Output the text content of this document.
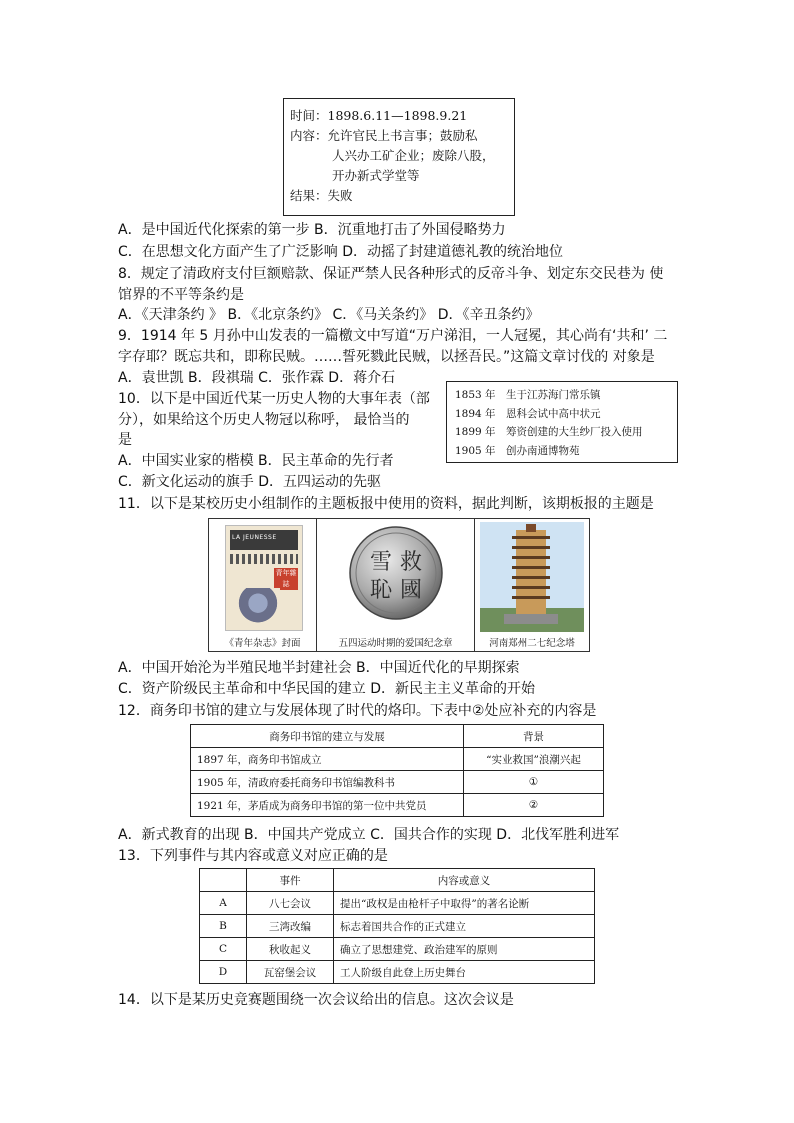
时间：1898.6.11—1898.9.21
内容：允许官民上书言事；鼓励私
人兴办工矿企业；废除八股，
开办新式学堂等
结果：失败
A．是中国近代化探索的第一步 B．沉重地打击了外国侵略势力
C．在思想文化方面产生了广泛影响 D．动摇了封建道德礼教的统治地位
8．规定了清政府支付巨额赔款、保证严禁人民各种形式的反帝斗争、划定东交民巷为 使
馆界的不平等条约是
A．《天津条约 》 B．《北京条约》 C．《马关条约》 D．《辛丑条约》
9．1914 年 5 月孙中山发表的一篇檄文中写道“万户涕泪，一人冠冕，其心尚有‘共和’ 二
字存耶？既忘共和，即称民贼。……誓死戮此民贼，以拯吾民。”这篇文章讨伐的 对象是
A．袁世凯 B．段祺瑞 C．张作霖 D．蒋介石
10．以下是中国近代某一历史人物的大事年表（部
分），如果给这个历史人物冠以称呼， 最恰当的
是
A．中国实业家的楷模 B．民主革命的先行者
C．新文化运动的旗手 D．五四运动的先驱
1853 年　生于江苏海门常乐镇
1894 年　恩科会试中高中状元
1899 年　筹资创建的大生纱厂投入使用
1905 年　创办南通博物苑
11．以下是某校历史小组制作的主题板报中使用的资料，据此判断，该期板报的主题是
LA JEUNESSE
青年雜誌
《青年杂志》封面
雪 救
恥 國
五四运动时期的爱国纪念章	河南郑州二七纪念塔
A．中国开始沦为半殖民地半封建社会 B．中国近代化的早期探索
C．资产阶级民主革命和中华民国的建立 D．新民主主义革命的开始
12．商务印书馆的建立与发展体现了时代的烙印。下表中②处应补充的内容是
商务印书馆的建立与发展	背景
1897 年，商务印书馆成立	“实业救国”浪潮兴起
1905 年，清政府委托商务印书馆编教科书	①
1921 年，茅盾成为商务印书馆的第一位中共党员	②
A．新式教育的出现 B．中国共产党成立 C．国共合作的实现 D．北伐军胜利进军
13．下列事件与其内容或意义对应正确的是
	事件	内容或意义
A	八七会议	提出“政权是由枪杆子中取得”的著名论断
B	三湾改编	标志着国共合作的正式建立
C	秋收起义	确立了思想建党、政治建军的原则
D	瓦窑堡会议	工人阶级自此登上历史舞台
14．以下是某历史竞赛题围绕一次会议给出的信息。这次会议是
